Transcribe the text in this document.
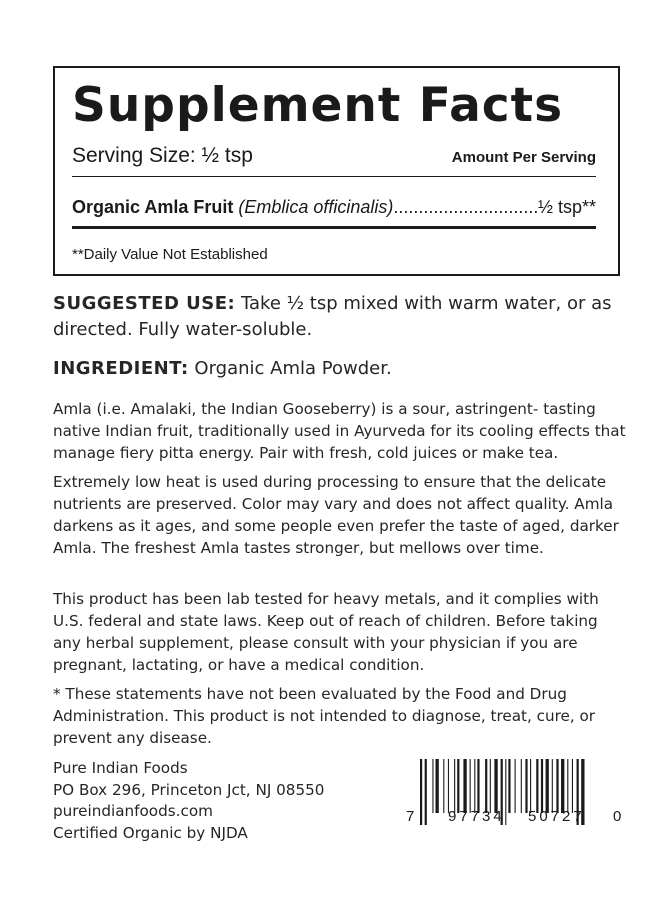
Supplement Facts
Serving Size: ½ tsp	Amount Per Serving
Organic Amla Fruit (Emblica officinalis)
.....	½ tsp**
**Daily Value Not Established
SUGGESTED USE: Take ½ tsp mixed with warm water, or as directed. Fully water-soluble.
INGREDIENT: Organic Amla Powder.
Amla (i.e. Amalaki, the Indian Gooseberry) is a sour, astringent- tasting native Indian fruit, traditionally used in Ayurveda for its cooling effects that manage fiery pitta energy. Pair with fresh, cold juices or make tea.
Extremely low heat is used during processing to ensure that the delicate nutrients are preserved. Color may vary and does not affect quality. Amla darkens as it ages, and some people even prefer the taste of aged, darker Amla. The freshest Amla tastes stronger, but mellows over time.
This product has been lab tested for heavy metals, and it complies with U.S. federal and state laws. Keep out of reach of children. Before taking any herbal supplement, please consult with your physician if you are pregnant, lactating, or have a medical condition.
* These statements have not been evaluated by the Food and Drug Administration. This product is not intended to diagnose, treat, cure, or prevent any disease.
Pure Indian Foods
PO Box 296, Princeton Jct, NJ 08550
pureindianfoods.com
Certified Organic by NJDA
7 97734 50727 0
